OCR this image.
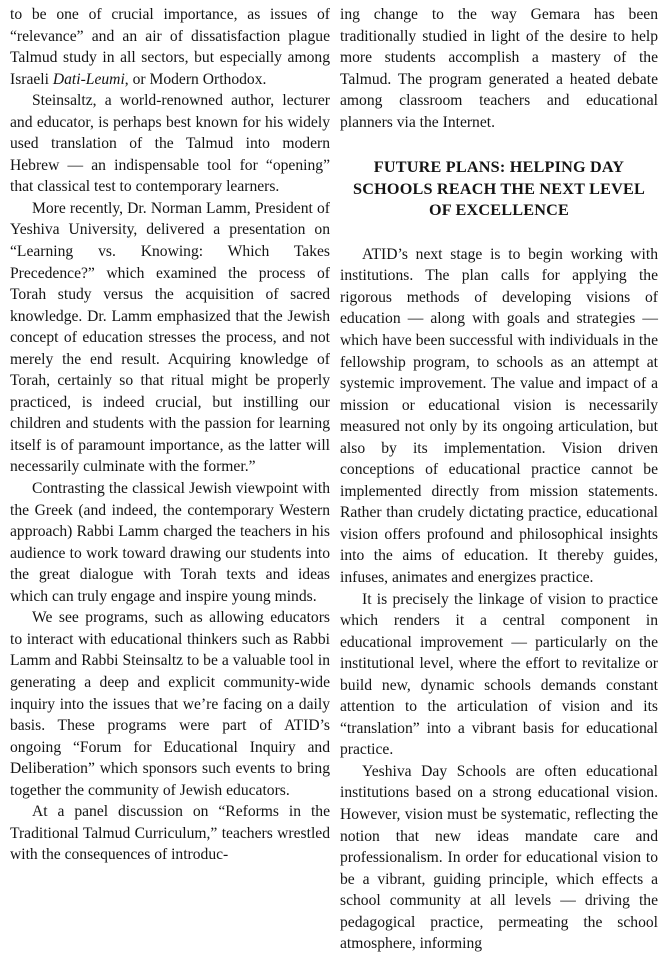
to be one of crucial importance, as issues of “relevance” and an air of dissatisfaction plague Talmud study in all sectors, but especially among Israeli Dati-Leumi, or Modern Orthodox.

Steinsaltz, a world-renowned author, lecturer and educator, is perhaps best known for his widely used translation of the Talmud into modern Hebrew — an indispensable tool for “opening” that classical test to contemporary learners.

More recently, Dr. Norman Lamm, President of Yeshiva University, delivered a presentation on “Learning vs. Knowing: Which Takes Precedence?” which examined the process of Torah study versus the acquisition of sacred knowledge. Dr. Lamm emphasized that the Jewish concept of education stresses the process, and not merely the end result. Acquiring knowledge of Torah, certainly so that ritual might be properly practiced, is indeed crucial, but instilling our children and students with the passion for learning itself is of paramount importance, as the latter will necessarily culminate with the former.”

Contrasting the classical Jewish viewpoint with the Greek (and indeed, the contemporary Western approach) Rabbi Lamm charged the teachers in his audience to work toward drawing our students into the great dialogue with Torah texts and ideas which can truly engage and inspire young minds.

We see programs, such as allowing educators to interact with educational thinkers such as Rabbi Lamm and Rabbi Steinsaltz to be a valuable tool in generating a deep and explicit community-wide inquiry into the issues that we’re facing on a daily basis. These programs were part of ATID’s ongoing “Forum for Educational Inquiry and Deliberation” which sponsors such events to bring together the community of Jewish educators.

At a panel discussion on “Reforms in the Traditional Talmud Curriculum,” teachers wrestled with the consequences of introduc-

ing change to the way Gemara has been traditionally studied in light of the desire to help more students accomplish a mastery of the Talmud. The program generated a heated debate among classroom teachers and educational planners via the Internet.

FUTURE PLANS: HELPING DAY SCHOOLS REACH THE NEXT LEVEL OF EXCELLENCE

ATID’s next stage is to begin working with institutions. The plan calls for applying the rigorous methods of developing visions of education — along with goals and strategies — which have been successful with individuals in the fellowship program, to schools as an attempt at systemic improvement. The value and impact of a mission or educational vision is necessarily measured not only by its ongoing articulation, but also by its implementation. Vision driven conceptions of educational practice cannot be implemented directly from mission statements. Rather than crudely dictating practice, educational vision offers profound and philosophical insights into the aims of education. It thereby guides, infuses, animates and energizes practice.

It is precisely the linkage of vision to practice which renders it a central component in educational improvement — particularly on the institutional level, where the effort to revitalize or build new, dynamic schools demands constant attention to the articulation of vision and its “translation” into a vibrant basis for educational practice.

Yeshiva Day Schools are often educational institutions based on a strong educational vision. However, vision must be systematic, reflecting the notion that new ideas mandate care and professionalism. In order for educational vision to be a vibrant, guiding principle, which effects a school community at all levels — driving the pedagogical practice, permeating the school atmosphere, informing
